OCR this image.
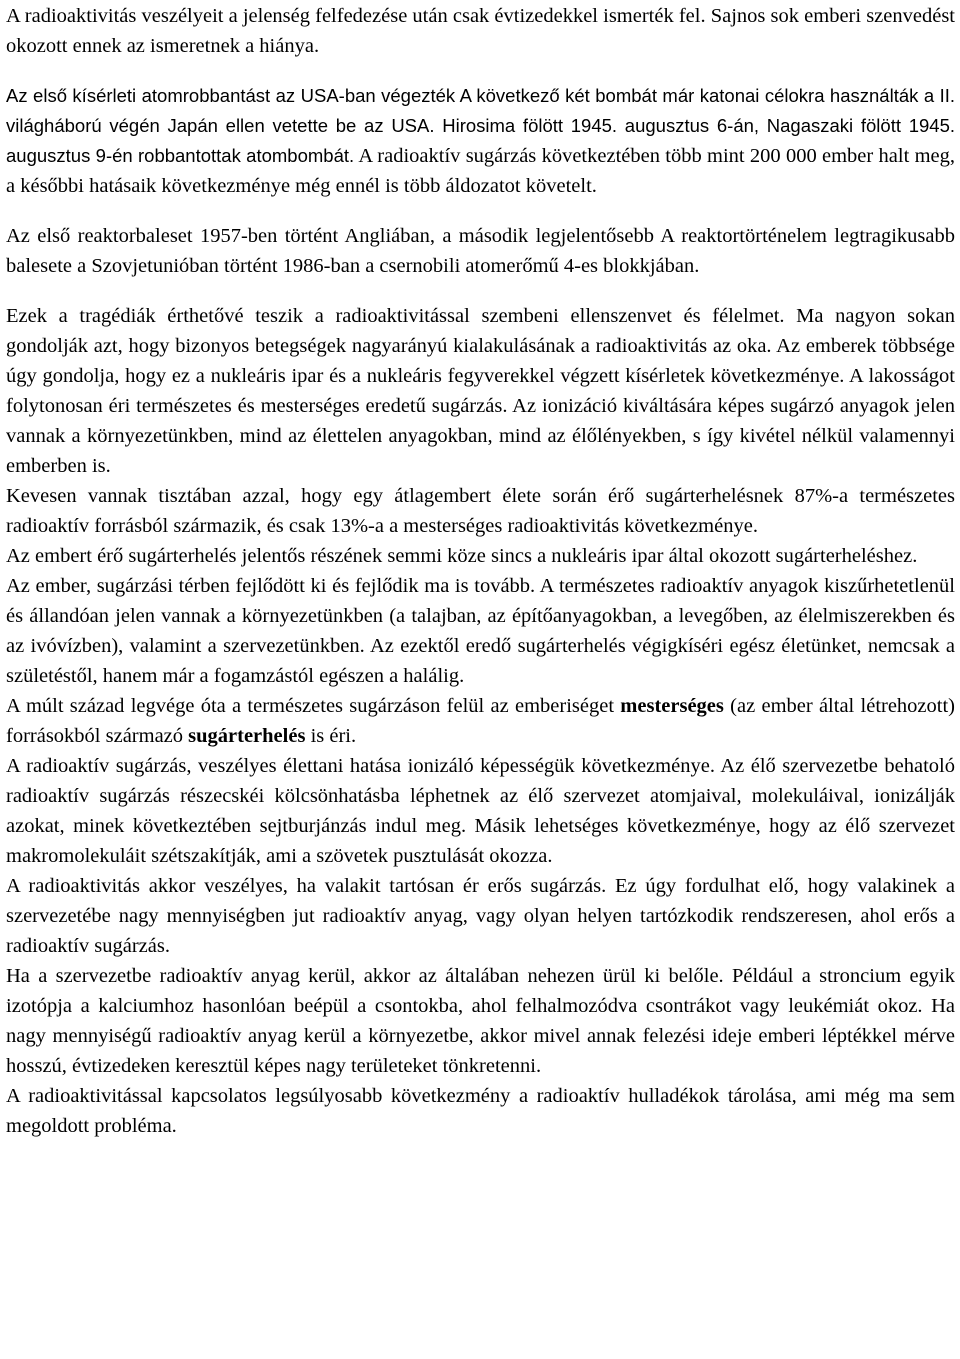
A radioaktivitás veszélyeit a jelenség felfedezése után csak évtizedekkel ismerték fel. Sajnos sok emberi szenvedést okozott ennek az ismeretnek a hiánya.

Az első kísérleti atomrobbantást az USA-ban végezték A következő két bombát már katonai célokra használták a II. világháború végén Japán ellen vetette be az USA. Hirosima fölött 1945. augusztus 6-án, Nagaszaki fölött 1945. augusztus 9-én robbantottak atombombát. A radioaktív sugárzás következtében több mint 200 000 ember halt meg, a későbbi hatásaik következménye még ennél is több áldozatot követelt.

Az első reaktorbaleset 1957-ben történt Angliában, a második legjelentősebb A reaktortörténelem legtragikusabb balesete a Szovjetunióban történt 1986-ban a csernobili atomerőmű 4-es blokkjában.

Ezek a tragédiák érthetővé teszik a radioaktivitással szembeni ellenszenvet és félelmet. Ma nagyon sokan gondolják azt, hogy bizonyos betegségek nagyarányú kialakulásának a radioaktivitás az oka. Az emberek többsége úgy gondolja, hogy ez a nukleáris ipar és a nukleáris fegyverekkel végzett kísérletek következménye. A lakosságot folytonosan éri természetes és mesterséges eredetű sugárzás. Az ionizáció kiváltására képes sugárzó anyagok jelen vannak a környezetünkben, mind az élettelen anyagokban, mind az élőlényekben, s így kivétel nélkül valamennyi emberben is.

Kevesen vannak tisztában azzal, hogy egy átlagembert élete során érő sugárterhelésnek 87%-a természetes radioaktív forrásból származik, és csak 13%-a a mesterséges radioaktivitás következménye.

Az embert érő sugárterhelés jelentős részének semmi köze sincs a nukleáris ipar által okozott sugárterheléshez.

Az ember, sugárzási térben fejlődött ki és fejlődik ma is tovább. A természetes radioaktív anyagok kiszűrhetetlenül és állandóan jelen vannak a környezetünkben (a talajban, az építőanyagokban, a levegőben, az élelmiszerekben és az ivóvízben), valamint a szervezetünkben. Az ezektől eredő sugárterhelés végigkíséri egész életünket, nemcsak a születéstől, hanem már a fogamzástól egészen a halálig.

A múlt század legvége óta a természetes sugárzáson felül az emberiséget mesterséges (az ember által létrehozott) forrásokból származó sugárterhelés is éri.

A radioaktív sugárzás, veszélyes élettani hatása ionizáló képességük következménye. Az élő szervezetbe behatoló radioaktív sugárzás részecskéi kölcsönhatásba léphetnek az élő szervezet atomjaival, molekuláival, ionizálják azokat, minek következtében sejtburjánzás indul meg. Másik lehetséges következménye, hogy az élő szervezet makromolekuláit szétszakítják, ami a szövetek pusztulását okozza.

A radioaktivitás akkor veszélyes, ha valakit tartósan ér erős sugárzás. Ez úgy fordulhat elő, hogy valakinek a szervezetébe nagy mennyiségben jut radioaktív anyag, vagy olyan helyen tartózkodik rendszeresen, ahol erős a radioaktív sugárzás.

Ha a szervezetbe radioaktív anyag kerül, akkor az általában nehezen ürül ki belőle. Például a stroncium egyik izotópja a kalciumhoz hasonlóan beépül a csontokba, ahol felhalmozódva csontrákot vagy leukémiát okoz. Ha nagy mennyiségű radioaktív anyag kerül a környezetbe, akkor mivel annak felezési ideje emberi léptékkel mérve hosszú, évtizedeken keresztül képes nagy területeket tönkretenni.

A radioaktivitással kapcsolatos legsúlyosabb következmény a radioaktív hulladékok tárolása, ami még ma sem megoldott probléma.
